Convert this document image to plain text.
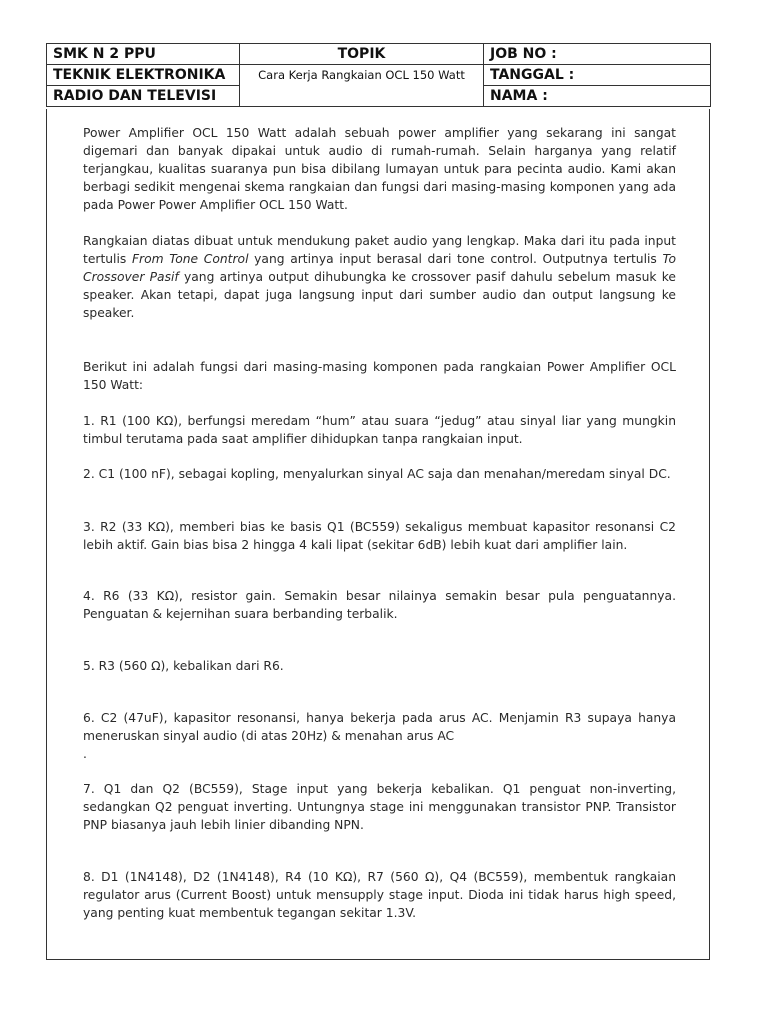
SMK N 2 PPU	TOPIK	JOB NO :
TEKNIK ELEKTRONIKA	Cara Kerja Rangkaian OCL 150 Watt	TANGGAL :
RADIO DAN TELEVISI		NAMA :

Power Amplifier OCL 150 Watt adalah sebuah power amplifier yang sekarang ini sangat digemari dan banyak dipakai untuk audio di rumah-rumah. Selain harganya yang relatif terjangkau, kualitas suaranya pun bisa dibilang lumayan untuk para pecinta audio. Kami akan berbagi sedikit mengenai skema rangkaian dan fungsi dari masing-masing komponen yang ada pada Power Power Amplifier OCL 150 Watt.

Rangkaian diatas dibuat untuk mendukung paket audio yang lengkap. Maka dari itu pada input tertulis From Tone Control yang artinya input berasal dari tone control. Outputnya tertulis To Crossover Pasif yang artinya output dihubungka ke crossover pasif dahulu sebelum masuk ke speaker. Akan tetapi, dapat juga langsung input dari sumber audio dan output langsung ke speaker.

Berikut ini adalah fungsi dari masing-masing komponen pada rangkaian Power Amplifier OCL 150 Watt:

1. R1 (100 KΩ), berfungsi meredam “hum” atau suara “jedug” atau sinyal liar yang mungkin timbul terutama pada saat amplifier dihidupkan tanpa rangkaian input.

2. C1 (100 nF), sebagai kopling, menyalurkan sinyal AC saja dan menahan/meredam sinyal DC.

3. R2 (33 KΩ), memberi bias ke basis Q1 (BC559) sekaligus membuat kapasitor resonansi C2 lebih aktif. Gain bias bisa 2 hingga 4 kali lipat (sekitar 6dB) lebih kuat dari amplifier lain.

4. R6 (33 KΩ), resistor gain. Semakin besar nilainya semakin besar pula penguatannya. Penguatan & kejernihan suara berbanding terbalik.

5. R3 (560 Ω), kebalikan dari R6.

6. C2 (47uF), kapasitor resonansi, hanya bekerja pada arus AC. Menjamin R3 supaya hanya meneruskan sinyal audio (di atas 20Hz) & menahan arus AC

.

7. Q1 dan Q2 (BC559), Stage input yang bekerja kebalikan. Q1 penguat non-inverting, sedangkan Q2 penguat inverting. Untungnya stage ini menggunakan transistor PNP. Transistor PNP biasanya jauh lebih linier dibanding NPN.

8. D1 (1N4148), D2 (1N4148), R4 (10 KΩ), R7 (560 Ω), Q4 (BC559), membentuk rangkaian regulator arus (Current Boost) untuk mensupply stage input. Dioda ini tidak harus high speed, yang penting kuat membentuk tegangan sekitar 1.3V.
